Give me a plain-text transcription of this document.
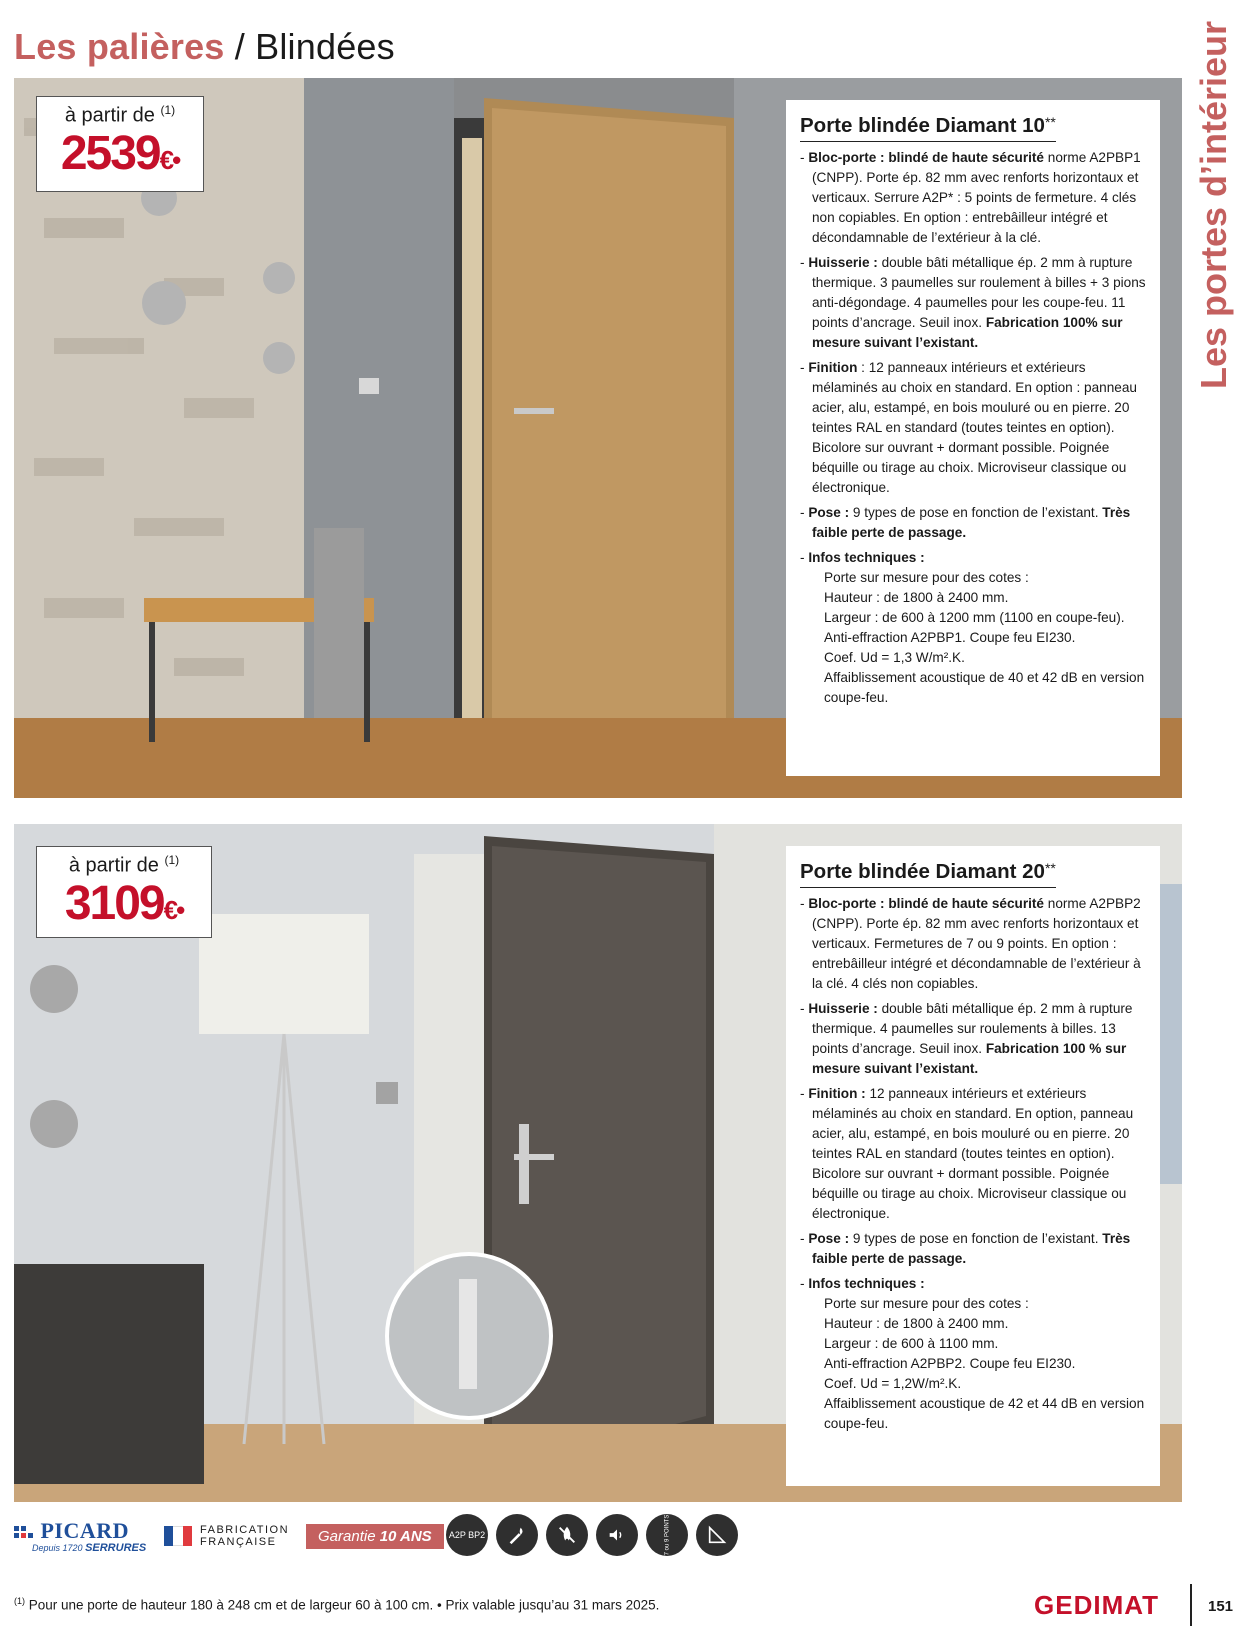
Les palières / Blindées	Les portes d’intérieur
à partir de $^{(1)}$
2539€•
Porte blindée Diamant 10**
- Bloc-porte : blindé de haute sécurité norme A2PBP1 (CNPP). Porte ép. 82 mm avec renforts horizontaux et verticaux. Serrure A2P* : 5 points de fermeture. 4 clés non copiables. En option : entrebâilleur intégré et décondamnable de l’extérieur à la clé.
- Huisserie : double bâti métallique ép. 2 mm à rupture thermique. 3 paumelles sur roulement à billes + 3 pions anti-dégondage. 4 paumelles pour les coupe-feu. 11 points d’ancrage. Seuil inox. Fabrication 100% sur mesure suivant l’existant.
- Finition : 12 panneaux intérieurs et extérieurs mélaminés au choix en standard. En option : panneau acier, alu, estampé, en bois mouluré ou en pierre. 20 teintes RAL en standard (toutes teintes en option). Bicolore sur ouvrant + dormant possible. Poignée béquille ou tirage au choix. Microviseur classique ou électronique.
- Pose : 9 types de pose en fonction de l’existant. Très faible perte de passage.
- Infos techniques :
Porte sur mesure pour des cotes :
Hauteur : de 1800 à 2400 mm.
Largeur : de 600 à 1200 mm (1100 en coupe-feu).
Anti-effraction A2PBP1. Coupe feu EI230.
Coef. Ud = 1,3 W/m².K.
Affaiblissement acoustique de 40 et 42 dB en version coupe-feu.
à partir de $^{(1)}$
3109€•
Porte blindée Diamant 20**
- Bloc-porte : blindé de haute sécurité norme A2PBP2 (CNPP). Porte ép. 82 mm avec renforts horizontaux et verticaux. Fermetures de 7 ou 9 points. En option : entrebâilleur intégré et décondamnable de l’extérieur à la clé. 4 clés non copiables.
- Huisserie : double bâti métallique ép. 2 mm à rupture thermique. 4 paumelles sur roulements à billes. 13 points d’ancrage. Seuil inox. Fabrication 100 % sur mesure suivant l’existant.
- Finition : 12 panneaux intérieurs et extérieurs mélaminés au choix en standard. En option, panneau acier, alu, estampé, en bois mouluré ou en pierre. 20 teintes RAL en standard (toutes teintes en option). Bicolore sur ouvrant + dormant possible. Poignée béquille ou tirage au choix. Microviseur classique ou électronique.
- Pose : 9 types de pose en fonction de l’existant. Très faible perte de passage.
- Infos techniques :
Porte sur mesure pour des cotes :
Hauteur : de 1800 à 2400 mm.
Largeur : de 600 à 1100 mm.
Anti-effraction A2PBP2. Coupe feu EI230.
Coef. Ud = 1,2W/m².K.
Affaiblissement acoustique de 42 et 44 dB en version coupe-feu.
PICARD
Depuis 1720 SERRURES
FABRICATION
FRANÇAISE	Garantie 10 ANS	A2P BP2	7 ou 9 POINTS
$^{(1)}$ Pour une porte de hauteur 180 à 248 cm et de largeur 60 à 100 cm. • Prix valable jusqu’au 31 mars 2025.	GEDIMAT	151
